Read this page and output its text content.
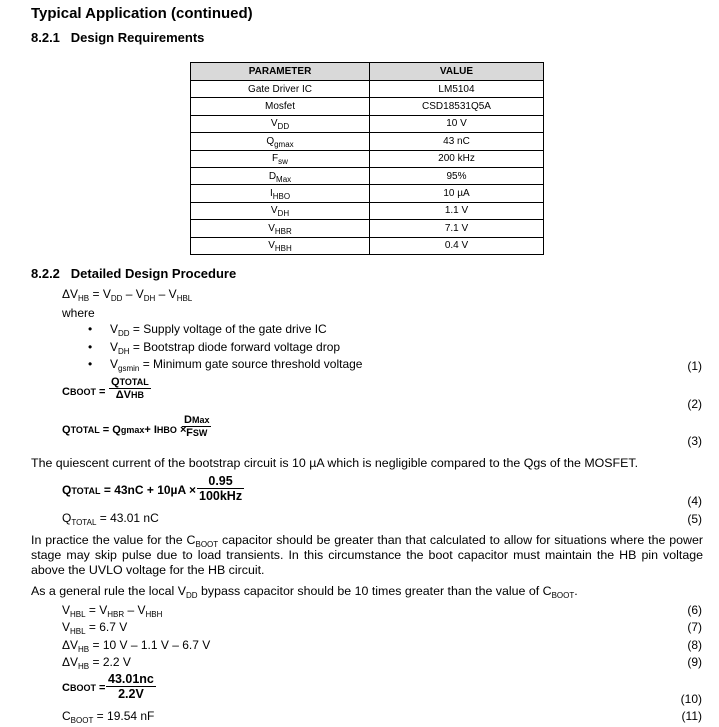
Typical Application (continued)
8.2.1 Design Requirements
PARAMETER	VALUE
Gate Driver IC	LM5104
Mosfet	CSD18531Q5A
$V_{DD}$	10 V
$Q_{gmax}$	43 nC
$F_{sw}$	200 kHz
$D_{Max}$	95%
$I_{HBO}$	10 µA
$V_{DH}$	1.1 V
$V_{HBR}$	7.1 V
$V_{HBH}$	0.4 V
8.2.2 Detailed Design Procedure
$\Delta V_{HB} = V_{DD} - V_{DH} - V_{HBL}$
where
• $V_{DD}$ = Supply voltage of the gate drive IC
• $V_{DH}$ = Bootstrap diode forward voltage drop
• $V_{gsmin}$ = Minimum gate source threshold voltage	(1)
(2)
(3)
(4)
(5)
(6)
(7)
(8)
(9)
(10)
(11)
CBOOT =
QTOTAL
ΔVHB
QTOTAL = Qgmax+ IHBO ×
DMax
FSW
The quiescent current of the bootstrap circuit is 10 µA which is negligible compared to the Qgs of the MOSFET.
QTOTAL = 43nC + 10µA ×
0.95
100kHz
$Q_{TOTAL} = 43.01$ nC
In practice the value for the $C_{BOOT}$ capacitor should be greater than that calculated to allow for situations where the power stage may skip pulse due to load transients. In this circumstance the boot capacitor must maintain the HB pin voltage above the UVLO voltage for the HB circuit.
As a general rule the local $V_{DD}$ bypass capacitor should be 10 times greater than the value of $C_{BOOT}$.
$V_{HBL} = V_{HBR} - V_{HBH}$
$V_{HBL} = 6.7$ V
$\Delta V_{HB} = 10$ V – 1.1 V – 6.7 V
$\Delta V_{HB} = 2.2$ V
CBOOT =
43.01nc
2.2V
$C_{BOOT} = 19.54$ nF
